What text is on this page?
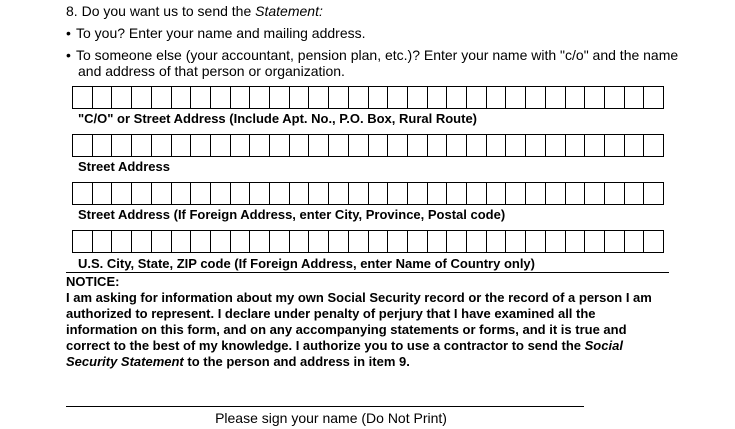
8. Do you want us to send the Statement:
• To you? Enter your name and mailing address.
• To someone else (your accountant, pension plan, etc.)? Enter your name with "c/o" and the name
and address of that person or organization.
"C/O" or Street Address (Include Apt. No., P.O. Box, Rural Route)
Street Address
Street Address (If Foreign Address, enter City, Province, Postal code)
U.S. City, State, ZIP code (If Foreign Address, enter Name of Country only)
NOTICE:
I am asking for information about my own Social Security record or the record of a person I am authorized to represent. I declare under penalty of perjury that I have examined all the information on this form, and on any accompanying statements or forms, and it is true and correct to the best of my knowledge. I authorize you to use a contractor to send the Social Security Statement to the person and address in item 9.
Please sign your name (Do Not Print)
